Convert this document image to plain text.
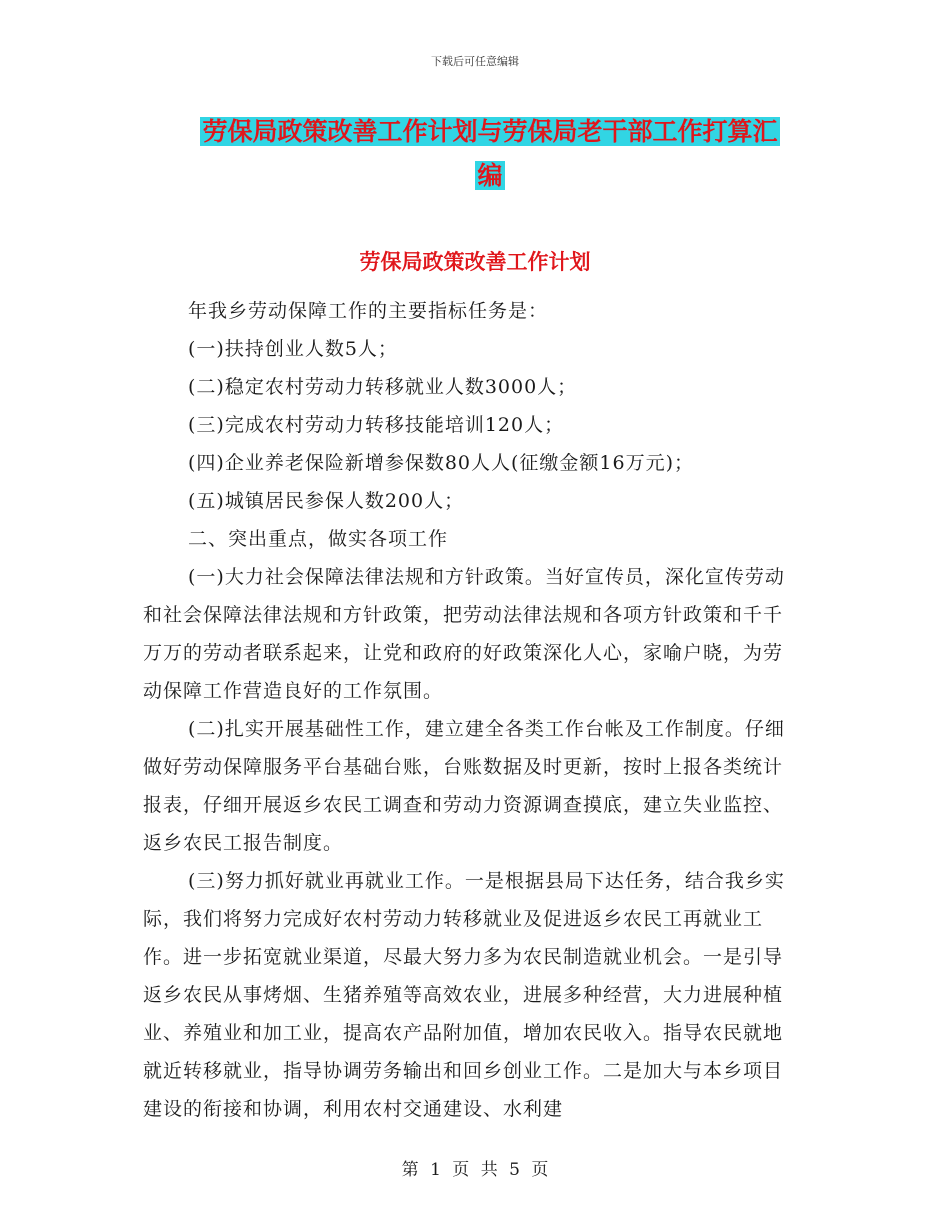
下载后可任意编辑
劳保局政策改善工作计划与劳保局老干部工作打算汇
编
劳保局政策改善工作计划

年我乡劳动保障工作的主要指标任务是：

(一)扶持创业人数5人；

(二)稳定农村劳动力转移就业人数3000人；

(三)完成农村劳动力转移技能培训120人；

(四)企业养老保险新增参保数80人人(征缴金额16万元)；

(五)城镇居民参保人数200人；

二、突出重点，做实各项工作

(一)大力社会保障法律法规和方针政策。当好宣传员，深化宣传劳动和社会保障法律法规和方针政策，把劳动法律法规和各项方针政策和千千万万的劳动者联系起来，让党和政府的好政策深化人心，家喻户晓，为劳动保障工作营造良好的工作氛围。

(二)扎实开展基础性工作，建立建全各类工作台帐及工作制度。仔细做好劳动保障服务平台基础台账，台账数据及时更新，按时上报各类统计报表，仔细开展返乡农民工调查和劳动力资源调查摸底，建立失业监控、返乡农民工报告制度。

(三)努力抓好就业再就业工作。一是根据县局下达任务，结合我乡实际，我们将努力完成好农村劳动力转移就业及促进返乡农民工再就业工作。进一步拓宽就业渠道，尽最大努力多为农民制造就业机会。一是引导返乡农民从事烤烟、生猪养殖等高效农业，进展多种经营，大力进展种植业、养殖业和加工业，提高农产品附加值，增加农民收入。指导农民就地就近转移就业，指导协调劳务输出和回乡创业工作。二是加大与本乡项目建设的衔接和协调，利用农村交通建设、水利建

第 1 页 共 5 页
